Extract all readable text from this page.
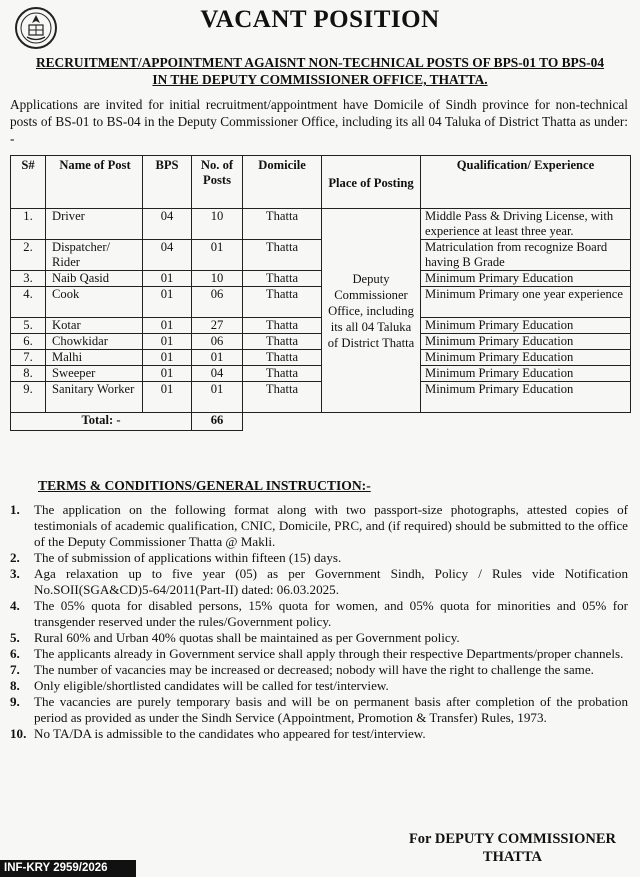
VACANT POSITION
RECRUITMENT/APPOINTMENT AGAISNT NON-TECHNICAL POSTS OF BPS-01 TO BPS-04
IN THE DEPUTY COMMISSIONER OFFICE, THATTA.
Applications are invited for initial recruitment/appointment have Domicile of Sindh province for non-technical posts of BS-01 to BS-04 in the Deputy Commissioner Office, including its all 04 Taluka of District Thatta as under: -
S#	Name of Post	BPS	No. of Posts	Domicile	Place of Posting	Qualification/ Experience
1.	Driver	04	10	Thatta	Deputy Commissioner Office, including its all 04 Taluka of District Thatta	Middle Pass & Driving License, with experience at least three year.
2.	Dispatcher/ Rider	04	01	Thatta		Matriculation from recognize Board having B Grade
3.	Naib Qasid	01	10	Thatta		Minimum Primary Education
4.	Cook	01	06	Thatta		Minimum Primary one year experience
5.	Kotar	01	27	Thatta		Minimum Primary Education
6.	Chowkidar	01	06	Thatta		Minimum Primary Education
7.	Malhi	01	01	Thatta		Minimum Primary Education
8.	Sweeper	01	04	Thatta		Minimum Primary Education
9.	Sanitary Worker	01	01	Thatta		Minimum Primary Education
Total: -			66			
TERMS & CONDITIONS/GENERAL INSTRUCTION:-
1. The application on the following format along with two passport-size photographs, attested copies of testimonials of academic qualification, CNIC, Domicile, PRC, and (if required) should be submitted to the office of the Deputy Commissioner Thatta @ Makli.
2. The of submission of applications within fifteen (15) days.
3. Aga relaxation up to five year (05) as per Government Sindh, Policy / Rules vide Notification No.SOII(SGA&CD)5-64/2011(Part-II) dated: 06.03.2025.
4. The 05% quota for disabled persons, 15% quota for women, and 05% quota for minorities and 05% for transgender reserved under the rules/Government policy.
5. Rural 60% and Urban 40% quotas shall be maintained as per Government policy.
6. The applicants already in Government service shall apply through their respective Departments/proper channels.
7. The number of vacancies may be increased or decreased; nobody will have the right to challenge the same.
8. Only eligible/shortlisted candidates will be called for test/interview.
9. The vacancies are purely temporary basis and will be on permanent basis after completion of the probation period as provided as under the Sindh Service (Appointment, Promotion & Transfer) Rules, 1973.
10. No TA/DA is admissible to the candidates who appeared for test/interview.
For DEPUTY COMMISSIONER
THATTA
INF-KRY 2959/2026
